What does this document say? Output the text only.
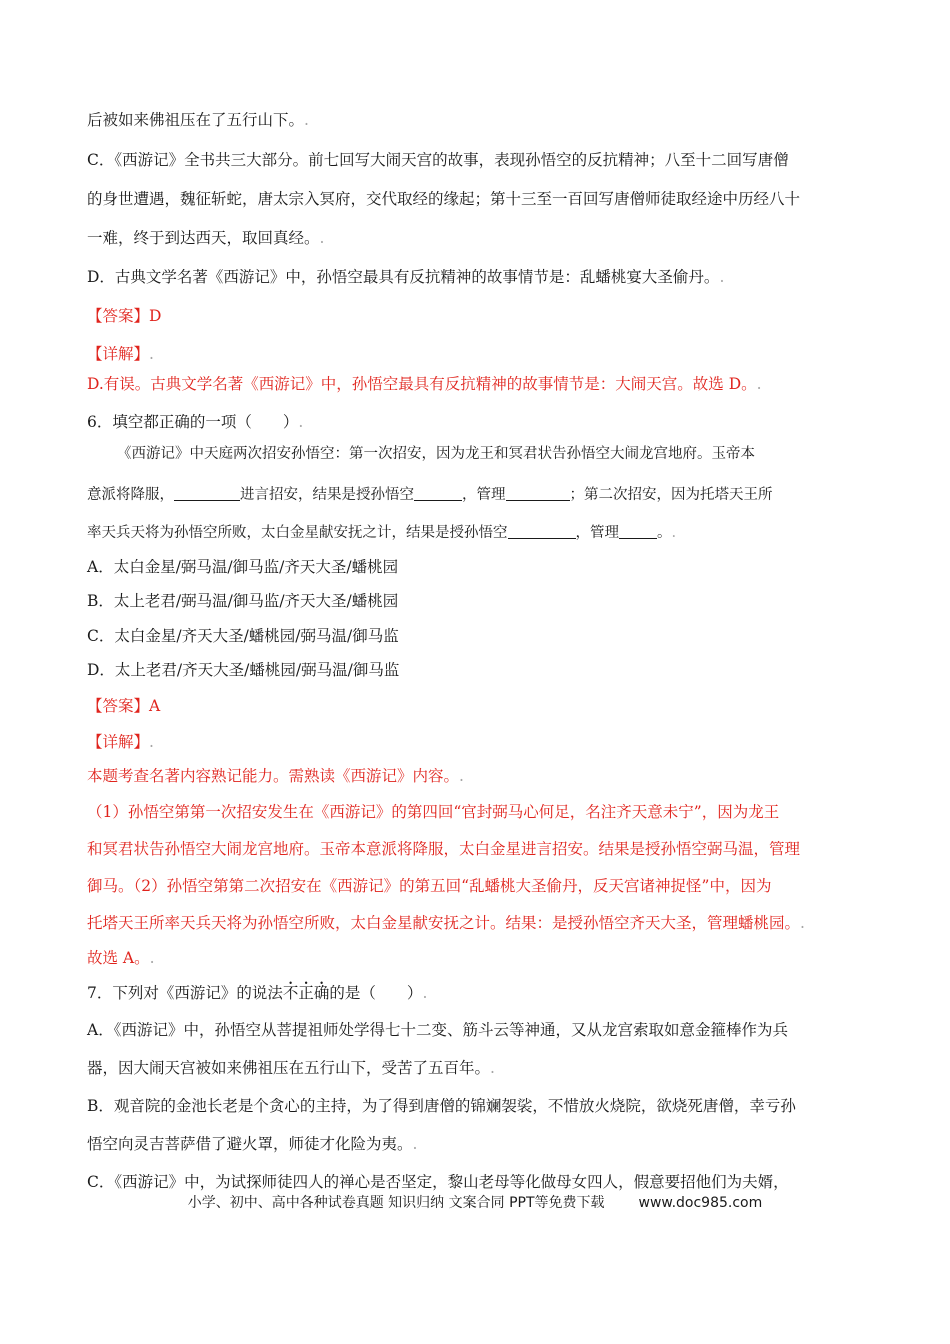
后被如来佛祖压在了五行山下。.
C．《西游记》全书共三大部分。前七回写大闹天宫的故事，表现孙悟空的反抗精神；八至十二回写唐僧
的身世遭遇，魏征斩蛇，唐太宗入冥府，交代取经的缘起；第十三至一百回写唐僧师徒取经途中历经八十
一难，终于到达西天，取回真经。.
D．古典文学名著《西游记》中，孙悟空最具有反抗精神的故事情节是：乱蟠桃宴大圣偷丹。.
【答案】D
【详解】.
D.有误。古典文学名著《西游记》中，孙悟空最具有反抗精神的故事情节是：大闹天宫。故选 D。.
6．填空都正确的一项（　　）.
《西游记》中天庭两次招安孙悟空：第一次招安，因为龙王和冥君状告孙悟空大闹龙宫地府。玉帝本
意派将降服，	进言招安，结果是授孙悟空	，管理	；第二次招安，因为托塔天王所
率天兵天将为孙悟空所败，太白金星献安抚之计，结果是授孙悟空	，管理	。.
A．太白金星/弼马温/御马监/齐天大圣/蟠桃园
B．太上老君/弼马温/御马监/齐天大圣/蟠桃园
C．太白金星/齐天大圣/蟠桃园/弼马温/御马监
D．太上老君/齐天大圣/蟠桃园/弼马温/御马监
【答案】A
【详解】.
本题考查名著内容熟记能力。需熟读《西游记》内容。.
（1）孙悟空第第一次招安发生在《西游记》的第四回“官封弼马心何足，名注齐天意未宁”，因为龙王
和冥君状告孙悟空大闹龙宫地府。玉帝本意派将降服，太白金星进言招安。结果是授孙悟空弼马温，管理
御马。（2）孙悟空第第二次招安在《西游记》的第五回“乱蟠桃大圣偷丹，反天宫诸神捉怪”中，因为
托塔天王所率天兵天将为孙悟空所败，太白金星献安抚之计。结果：是授孙悟空齐天大圣，管理蟠桃园。.
故选 A。.
7．下列对《西游记》的说法不正确的是（　　）.
A．《西游记》中，孙悟空从菩提祖师处学得七十二变、筋斗云等神通，又从龙宫索取如意金箍棒作为兵
器，因大闹天宫被如来佛祖压在五行山下，受苦了五百年。.
B．观音院的金池长老是个贪心的主持，为了得到唐僧的锦斓袈裟，不惜放火烧院，欲烧死唐僧，幸亏孙
悟空向灵吉菩萨借了避火罩，师徒才化险为夷。.
C．《西游记》中，为试探师徒四人的禅心是否坚定，黎山老母等化做母女四人，假意要招他们为夫婿，
小学、初中、高中各种试卷真题 知识归纳 文案合同 PPT等免费下载 www.doc985.com
